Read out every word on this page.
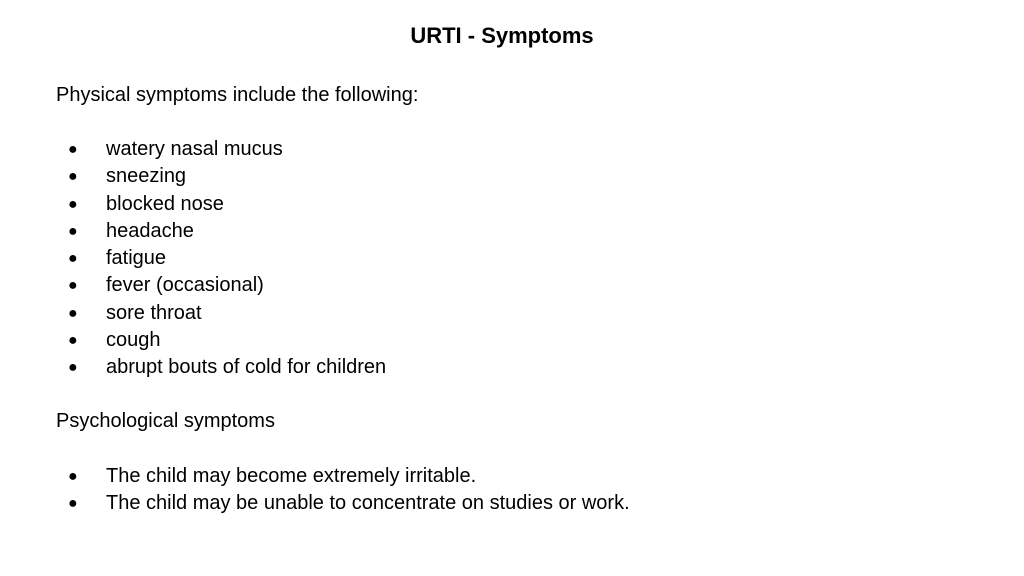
URTI - Symptoms
Physical symptoms include the following:
● watery nasal mucus
● sneezing
● blocked nose
● headache
● fatigue
● fever (occasional)
● sore throat
● cough
● abrupt bouts of cold for children
Psychological symptoms
● The child may become extremely irritable.
● The child may be unable to concentrate on studies or work.
